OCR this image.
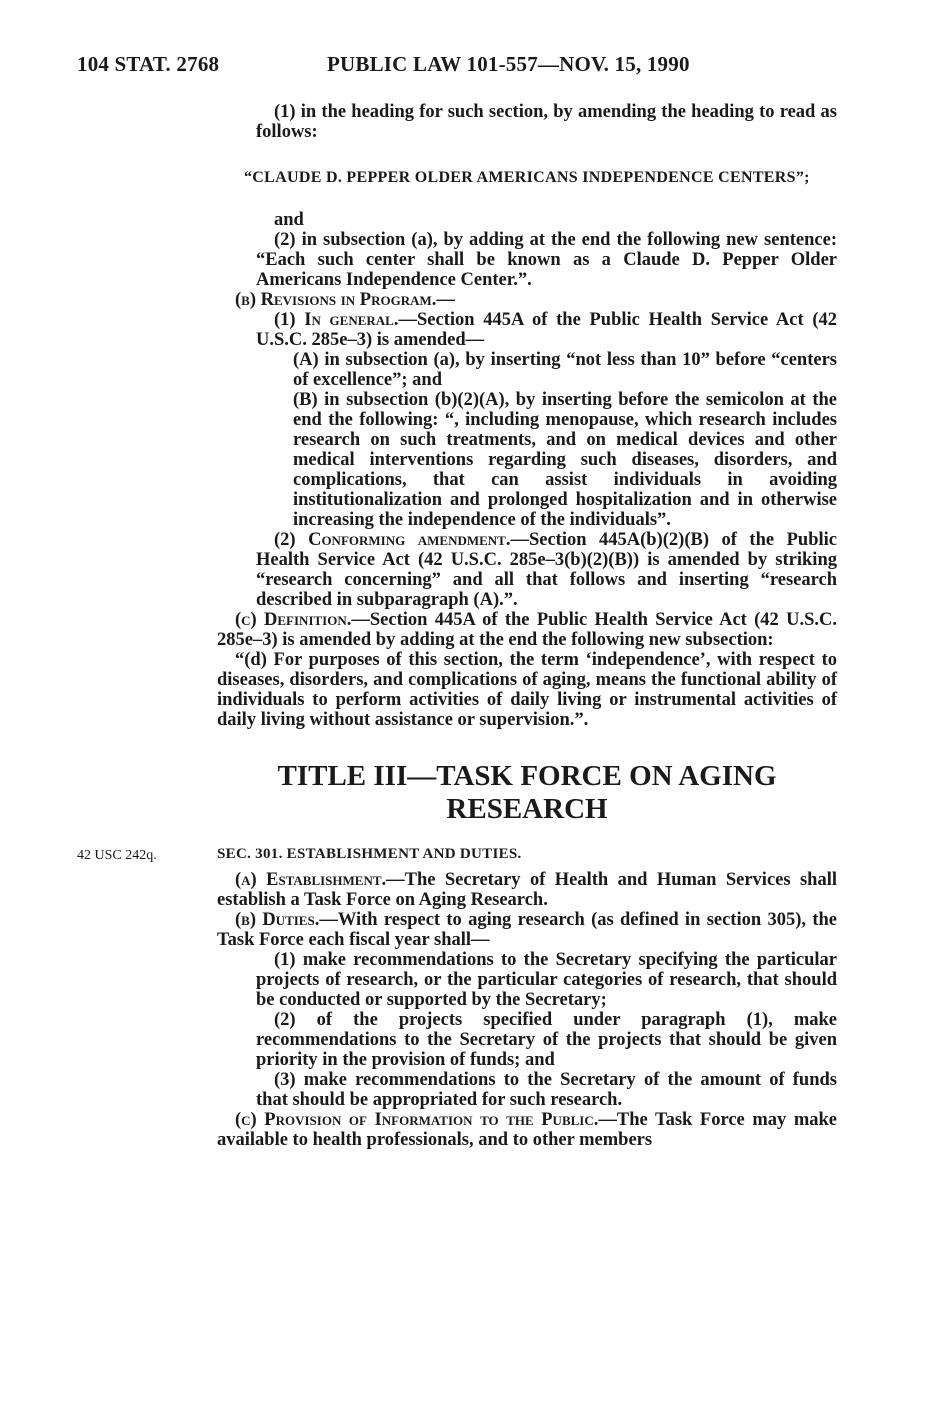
104 STAT. 2768	PUBLIC LAW 101-557—NOV. 15, 1990

(1) in the heading for such section, by amending the heading to read as follows:

“CLAUDE D. PEPPER OLDER AMERICANS INDEPENDENCE CENTERS”;

and

(2) in subsection (a), by adding at the end the following new sentence: “Each such center shall be known as a Claude D. Pepper Older Americans Independence Center.”.

(b) Revisions in Program.—

(1) In general.—Section 445A of the Public Health Service Act (42 U.S.C. 285e–3) is amended—

(A) in subsection (a), by inserting “not less than 10” before “centers of excellence”; and

(B) in subsection (b)(2)(A), by inserting before the semicolon at the end the following: “, including menopause, which research includes research on such treatments, and on medical devices and other medical interventions regarding such diseases, disorders, and complications, that can assist individuals in avoiding institutionalization and prolonged hospitalization and in otherwise increasing the independence of the individuals”.

(2) Conforming amendment.—Section 445A(b)(2)(B) of the Public Health Service Act (42 U.S.C. 285e–3(b)(2)(B)) is amended by striking “research concerning” and all that follows and inserting “research described in subparagraph (A).”.

(c) Definition.—Section 445A of the Public Health Service Act (42 U.S.C. 285e–3) is amended by adding at the end the following new subsection:

“(d) For purposes of this section, the term ‘independence’, with respect to diseases, disorders, and complications of aging, means the functional ability of individuals to perform activities of daily living or instrumental activities of daily living without assistance or supervision.”.

TITLE III—TASK FORCE ON AGING
RESEARCH

42 USC 242q.	SEC. 301. ESTABLISHMENT AND DUTIES.

(a) Establishment.—The Secretary of Health and Human Services shall establish a Task Force on Aging Research.

(b) Duties.—With respect to aging research (as defined in section 305), the Task Force each fiscal year shall—

(1) make recommendations to the Secretary specifying the particular projects of research, or the particular categories of research, that should be conducted or supported by the Secretary;

(2) of the projects specified under paragraph (1), make recommendations to the Secretary of the projects that should be given priority in the provision of funds; and

(3) make recommendations to the Secretary of the amount of funds that should be appropriated for such research.

(c) Provision of Information to the Public.—The Task Force may make available to health professionals, and to other members
